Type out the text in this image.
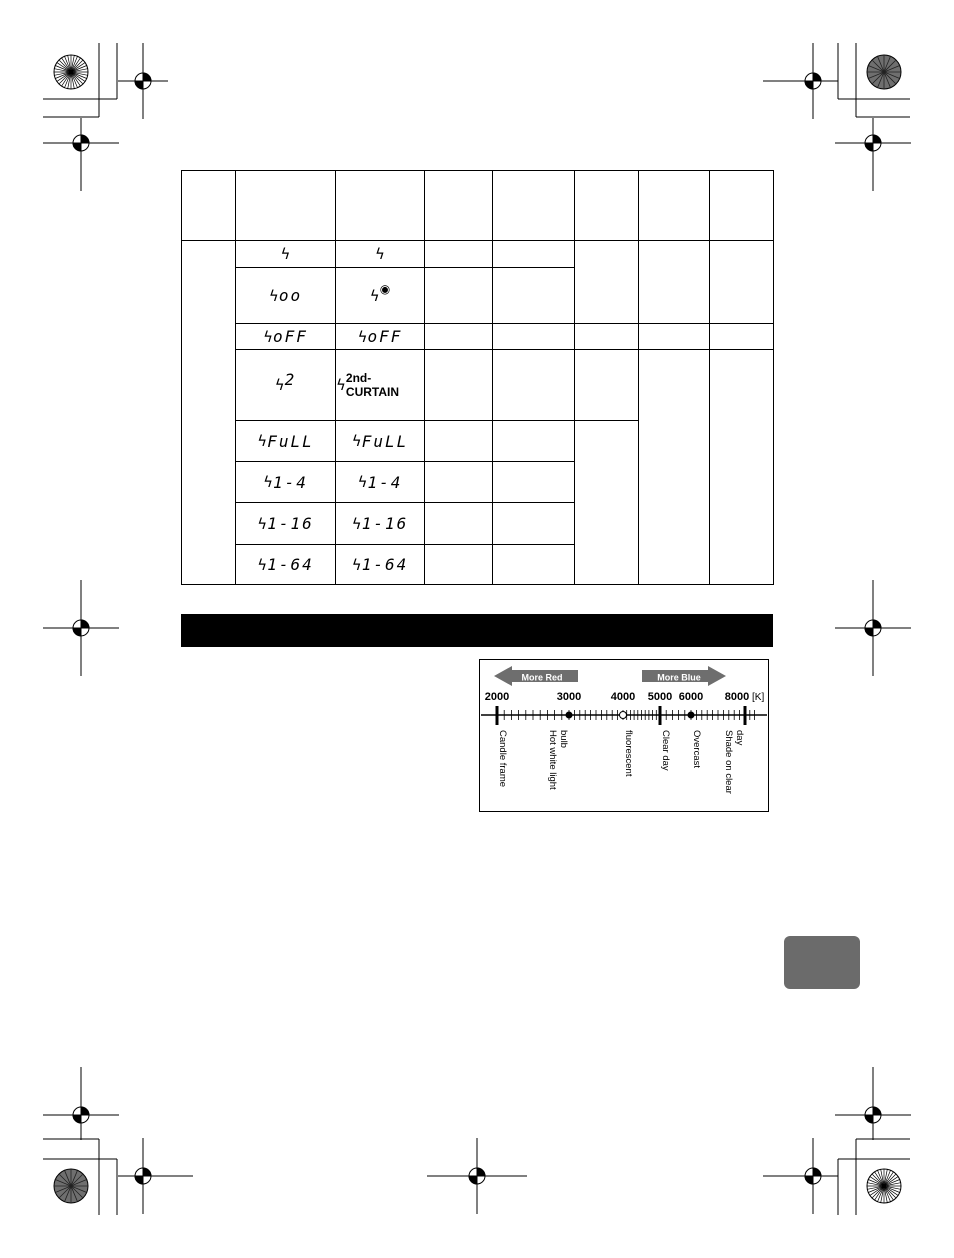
ϟ	ϟ
ϟ oo	ϟ ◉
ϟ oFF	ϟ oFF
ϟ 2	ϟ 2nd-CURTAIN
ϟ FuLL	ϟ FuLL
ϟ 1-4	ϟ 1-4
ϟ 1-16	ϟ 1-16
ϟ 1-64	ϟ 1-64
More Red	More Blue
2000	3000	4000 5000 6000 8000
Candle frame	Hot white light bulb	fluorescent	Clear day Overcast Shade on clear day
[K]
